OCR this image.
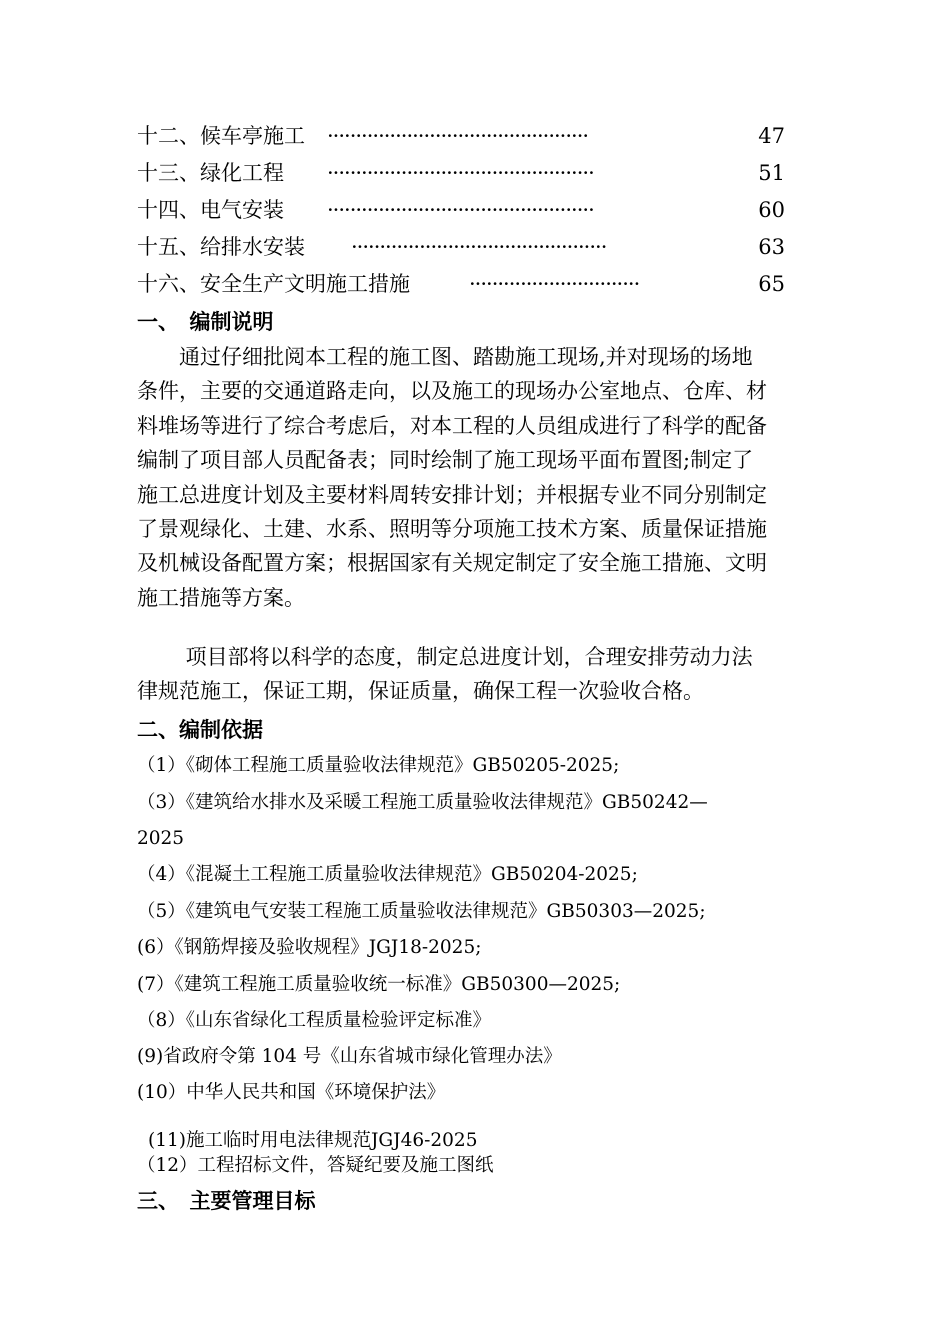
十二、候车亭施工 ··············································	47
十三、绿化工程 ···············································	51
十四、电气安装 ···············································	60
十五、给排水安装 ·············································	63
十六、安全生产文明施工措施	······························	65
一、　编制说明
　　通过仔细批阅本工程的施工图、踏勘施工现场,并对现场的场地
条件，主要的交通道路走向，以及施工的现场办公室地点、仓库、材
料堆场等进行了综合考虑后，对本工程的人员组成进行了科学的配备
编制了项目部人员配备表；同时绘制了施工现场平面布置图;制定了
施工总进度计划及主要材料周转安排计划；并根据专业不同分别制定
了景观绿化、土建、水系、照明等分项施工技术方案、质量保证措施
及机械设备配置方案；根据国家有关规定制定了安全施工措施、文明
施工措施等方案。
　　 项目部将以科学的态度，制定总进度计划，合理安排劳动力法
律规范施工，保证工期，保证质量，确保工程一次验收合格。
二、编制依据
（1）《砌体工程施工质量验收法律规范》GB50205-2025;
（3）《建筑给水排水及采暖工程施工质量验收法律规范》GB50242—
2025
（4）《混凝土工程施工质量验收法律规范》GB50204-2025;
（5）《建筑电气安装工程施工质量验收法律规范》GB50303—2025;
(6）《钢筋焊接及验收规程》JGJ18-2025;
(7）《建筑工程施工质量验收统一标准》GB50300—2025;
（8）《山东省绿化工程质量检验评定标准》
(9)省政府令第 104 号《山东省城市绿化管理办法》
(10）中华人民共和国《环境保护法》
(11)施工临时用电法律规范JGJ46-2025
（12）工程招标文件，答疑纪要及施工图纸
三、　主要管理目标
